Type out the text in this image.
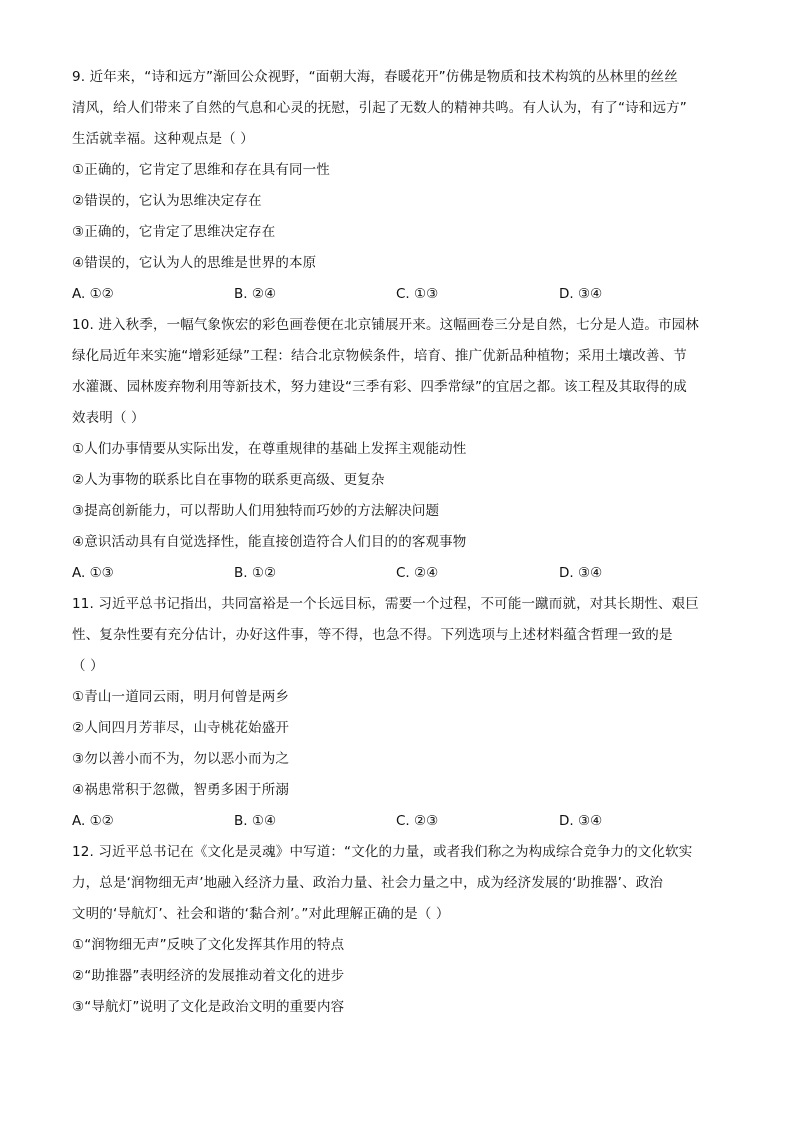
9. 近年来，“诗和远方”渐回公众视野，“面朝大海，春暖花开”仿佛是物质和技术构筑的丛林里的丝丝
清风，给人们带来了自然的气息和心灵的抚慰，引起了无数人的精神共鸣。有人认为，有了“诗和远方”
生活就幸福。这种观点是（ ）
①正确的，它肯定了思维和存在具有同一性
②错误的，它认为思维决定存在
③正确的，它肯定了思维决定存在
④错误的，它认为人的思维是世界的本原
A. ①②	B. ②④	C. ①③	D. ③④
10. 进入秋季，一幅气象恢宏的彩色画卷便在北京铺展开来。这幅画卷三分是自然，七分是人造。市园林
绿化局近年来实施“增彩延绿”工程：结合北京物候条件，培育、推广优新品种植物；采用土壤改善、节
水灌溉、园林废弃物利用等新技术，努力建设“三季有彩、四季常绿”的宜居之都。该工程及其取得的成
效表明（ ）
①人们办事情要从实际出发，在尊重规律的基础上发挥主观能动性
②人为事物的联系比自在事物的联系更高级、更复杂
③提高创新能力，可以帮助人们用独特而巧妙的方法解决问题
④意识活动具有自觉选择性，能直接创造符合人们目的的客观事物
A. ①③	B. ①②	C. ②④	D. ③④
11. 习近平总书记指出，共同富裕是一个长远目标，需要一个过程，不可能一蹴而就，对其长期性、艰巨
性、复杂性要有充分估计，办好这件事，等不得，也急不得。下列选项与上述材料蕴含哲理一致的是
（ ）
①青山一道同云雨，明月何曾是两乡
②人间四月芳菲尽，山寺桃花始盛开
③勿以善小而不为，勿以恶小而为之
④祸患常积于忽微，智勇多困于所溺
A. ①②	B. ①④	C. ②③	D. ③④
12. 习近平总书记在《文化是灵魂》中写道：“文化的力量，或者我们称之为构成综合竞争力的文化软实
力，总是‘润物细无声’地融入经济力量、政治力量、社会力量之中，成为经济发展的‘助推器’、政治
文明的‘导航灯’、社会和谐的‘黏合剂’。”对此理解正确的是（ ）
①“润物细无声”反映了文化发挥其作用的特点
②“助推器”表明经济的发展推动着文化的进步
③“导航灯”说明了文化是政治文明的重要内容
